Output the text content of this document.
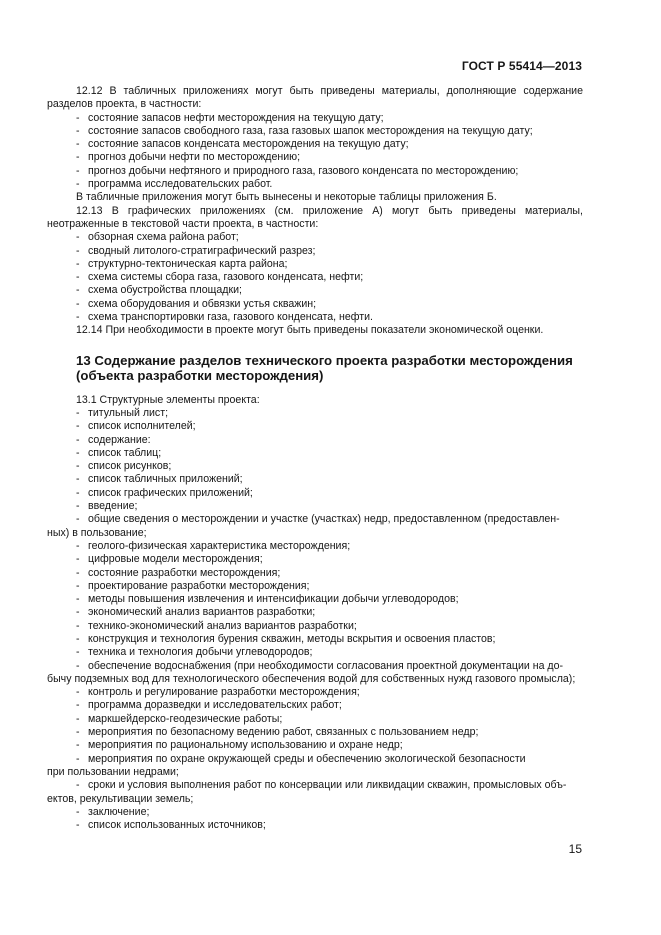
ГОСТ Р 55414—2013
12.12 В табличных приложениях могут быть приведены материалы, дополняющие содержание разделов проекта, в частности:
- состояние запасов нефти месторождения на текущую дату;
- состояние запасов свободного газа, газа газовых шапок месторождения на текущую дату;
- состояние запасов конденсата месторождения на текущую дату;
- прогноз добычи нефти по месторождению;
- прогноз добычи нефтяного и природного газа, газового конденсата по месторождению;
- программа исследовательских работ.
В табличные приложения могут быть вынесены и некоторые таблицы приложения Б.
12.13 В графических приложениях (см. приложение А) могут быть приведены материалы, неотраженные в текстовой части проекта, в частности:
- обзорная схема района работ;
- сводный литолого-стратиграфический разрез;
- структурно-тектоническая карта района;
- схема системы сбора газа, газового конденсата, нефти;
- схема обустройства площадки;
- схема оборудования и обвязки устья скважин;
- схема транспортировки газа, газового конденсата, нефти.
12.14 При необходимости в проекте могут быть приведены показатели экономической оценки.
13 Содержание разделов технического проекта разработки месторождения
(объекта разработки месторождения)
13.1 Структурные элементы проекта:
- титульный лист;
- список исполнителей;
- содержание:
- список таблиц;
- список рисунков;
- список табличных приложений;
- список графических приложений;
- введение;
- общие сведения о месторождении и участке (участках) недр, предоставленном (предоставлен-
ных) в пользование;
- геолого-физическая характеристика месторождения;
- цифровые модели месторождения;
- состояние разработки месторождения;
- проектирование разработки месторождения;
- методы повышения извлечения и интенсификации добычи углеводородов;
- экономический анализ вариантов разработки;
- технико-экономический анализ вариантов разработки;
- конструкция и технология бурения скважин, методы вскрытия и освоения пластов;
- техника и технология добычи углеводородов;
- обеспечение водоснабжения (при необходимости согласования проектной документации на до-
бычу подземных вод для технологического обеспечения водой для собственных нужд газового промысла);
- контроль и регулирование разработки месторождения;
- программа доразведки и исследовательских работ;
- маркшейдерско-геодезические работы;
- мероприятия по безопасному ведению работ, связанных с пользованием недр;
- мероприятия по рациональному использованию и охране недр;
- мероприятия по охране окружающей среды и обеспечению экологической безопасности
при пользовании недрами;
- сроки и условия выполнения работ по консервации или ликвидации скважин, промысловых объ-
ектов, рекультивации земель;
- заключение;
- список использованных источников;
15
